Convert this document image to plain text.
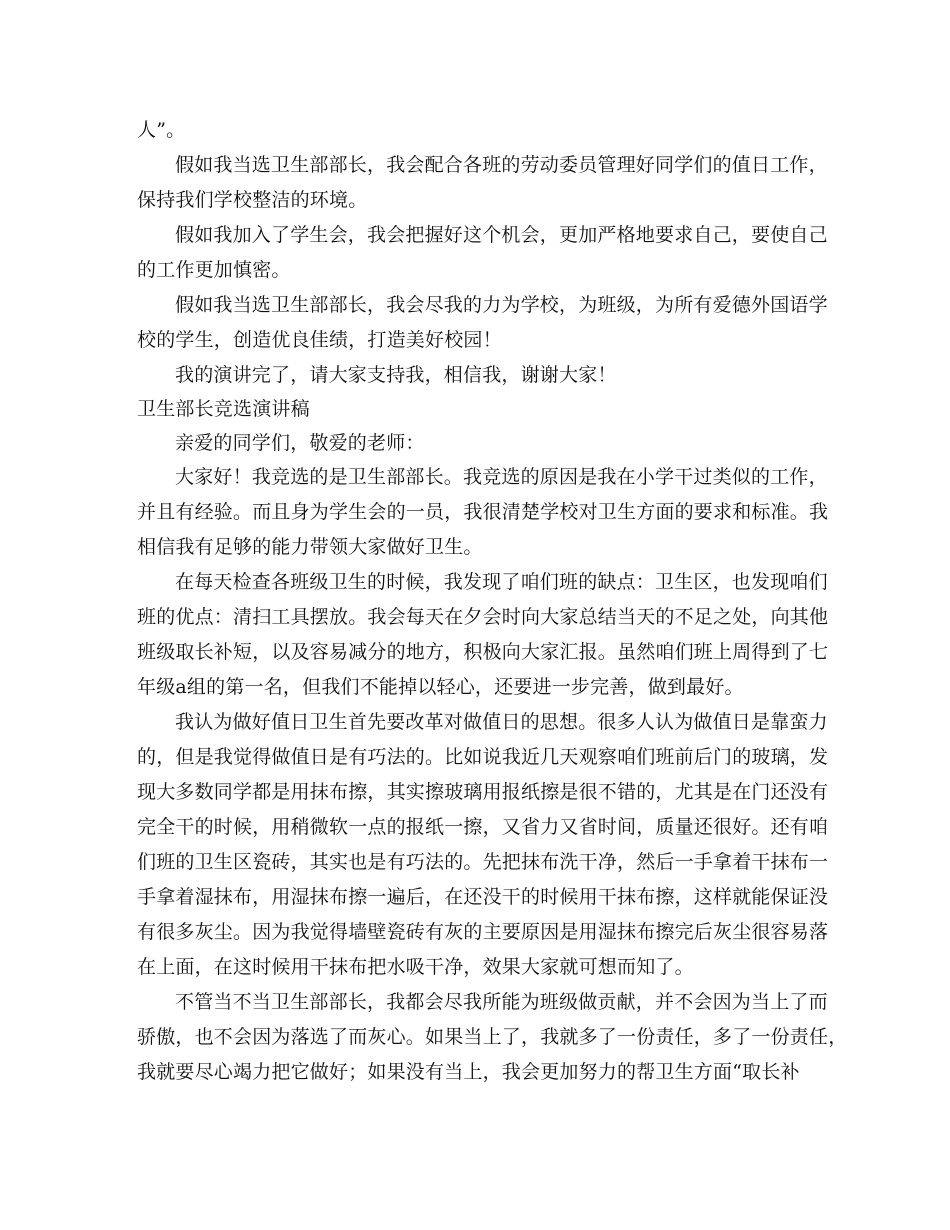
人”。
假如我当选卫生部部长，我会配合各班的劳动委员管理好同学们的值日工作，
保持我们学校整洁的环境。
假如我加入了学生会，我会把握好这个机会，更加严格地要求自己，要使自己
的工作更加慎密。
假如我当选卫生部部长，我会尽我的力为学校，为班级，为所有爱德外国语学
校的学生，创造优良佳绩，打造美好校园！
我的演讲完了，请大家支持我，相信我，谢谢大家！
卫生部长竞选演讲稿
亲爱的同学们，敬爱的老师：
大家好！我竞选的是卫生部部长。我竞选的原因是我在小学干过类似的工作，
并且有经验。而且身为学生会的一员，我很清楚学校对卫生方面的要求和标准。我
相信我有足够的能力带领大家做好卫生。
在每天检查各班级卫生的时候，我发现了咱们班的缺点：卫生区，也发现咱们
班的优点：清扫工具摆放。我会每天在夕会时向大家总结当天的不足之处，向其他
班级取长补短，以及容易减分的地方，积极向大家汇报。虽然咱们班上周得到了七
年级a组的第一名，但我们不能掉以轻心，还要进一步完善，做到最好。
我认为做好值日卫生首先要改革对做值日的思想。很多人认为做值日是靠蛮力
的，但是我觉得做值日是有巧法的。比如说我近几天观察咱们班前后门的玻璃，发
现大多数同学都是用抹布擦，其实擦玻璃用报纸擦是很不错的，尤其是在门还没有
完全干的时候，用稍微软一点的报纸一擦，又省力又省时间，质量还很好。还有咱
们班的卫生区瓷砖，其实也是有巧法的。先把抹布洗干净，然后一手拿着干抹布一
手拿着湿抹布，用湿抹布擦一遍后，在还没干的时候用干抹布擦，这样就能保证没
有很多灰尘。因为我觉得墙壁瓷砖有灰的主要原因是用湿抹布擦完后灰尘很容易落
在上面，在这时候用干抹布把水吸干净，效果大家就可想而知了。
不管当不当卫生部部长，我都会尽我所能为班级做贡献，并不会因为当上了而
骄傲，也不会因为落选了而灰心。如果当上了，我就多了一份责任，多了一份责任，
我就要尽心竭力把它做好；如果没有当上，我会更加努力的帮卫生方面“取长补
